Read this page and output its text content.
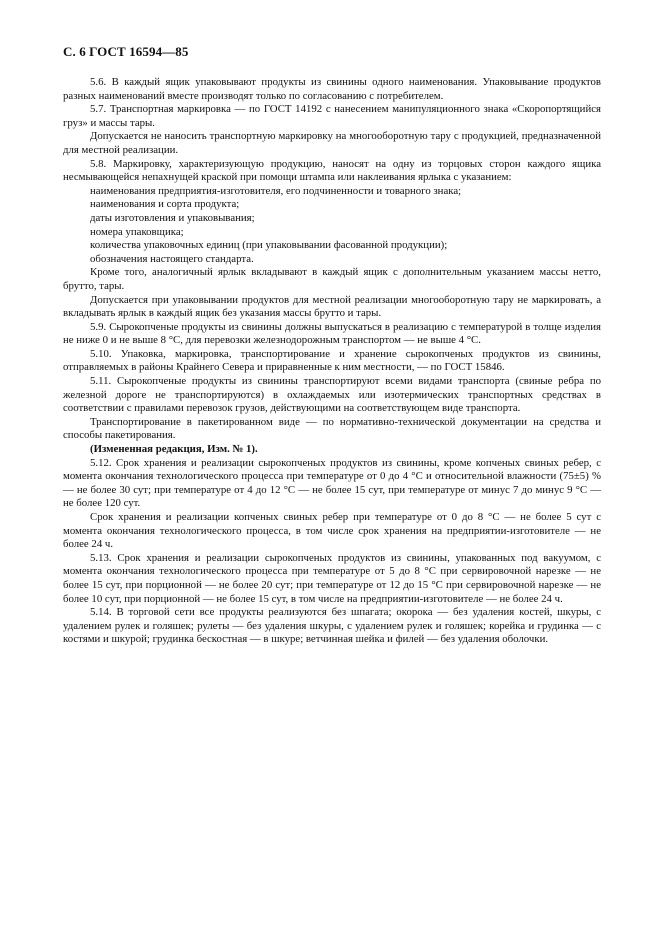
С. 6 ГОСТ 16594—85

5.6. В каждый ящик упаковывают продукты из свинины одного наименования. Упаковывание продуктов разных наименований вместе производят только по согласованию с потребителем.

5.7. Транспортная маркировка — по ГОСТ 14192 с нанесением манипуляционного знака «Скоропортящийся груз» и массы тары.

Допускается не наносить транспортную маркировку на многооборотную тару с продукцией, предназначенной для местной реализации.

5.8. Маркировку, характеризующую продукцию, наносят на одну из торцовых сторон каждого ящика несмывающейся непахнущей краской при помощи штампа или наклеивания ярлыка с указанием:

наименования предприятия-изготовителя, его подчиненности и товарного знака;

наименования и сорта продукта;

даты изготовления и упаковывания;

номера упаковщика;

количества упаковочных единиц (при упаковывании фасованной продукции);

обозначения настоящего стандарта.

Кроме того, аналогичный ярлык вкладывают в каждый ящик с дополнительным указанием массы нетто, брутто, тары.

Допускается при упаковывании продуктов для местной реализации многооборотную тару не маркировать, а вкладывать ярлык в каждый ящик без указания массы брутто и тары.

5.9. Сырокопченые продукты из свинины должны выпускаться в реализацию с температурой в толще изделия не ниже 0 и не выше 8 °С, для перевозки железнодорожным транспортом — не выше 4 °С.

5.10. Упаковка, маркировка, транспортирование и хранение сырокопченых продуктов из свинины, отправляемых в районы Крайнего Севера и приравненные к ним местности, — по ГОСТ 15846.

5.11. Сырокопченые продукты из свинины транспортируют всеми видами транспорта (свиные ребра по железной дороге не транспортируются) в охлаждаемых или изотермических транспортных средствах в соответствии с правилами перевозок грузов, действующими на соответствующем виде транспорта.

Транспортирование в пакетированном виде — по нормативно-технической документации на средства и способы пакетирования.

(Измененная редакция, Изм. № 1).

5.12. Срок хранения и реализации сырокопченых продуктов из свинины, кроме копченых свиных ребер, с момента окончания технологического процесса при температуре от 0 до 4 °С и относительной влажности (75±5) % — не более 30 сут; при температуре от 4 до 12 °С — не более 15 сут, при температуре от минус 7 до минус 9 °С — не более 120 сут.

Срок хранения и реализации копченых свиных ребер при температуре от 0 до 8 °С — не более 5 сут с момента окончания технологического процесса, в том числе срок хранения на предприятии-изготовителе — не более 24 ч.

5.13. Срок хранения и реализации сырокопченых продуктов из свинины, упакованных под вакуумом, с момента окончания технологического процесса при температуре от 5 до 8 °С при сервировочной нарезке — не более 15 сут, при порционной — не более 20 сут; при температуре от 12 до 15 °С при сервировочной нарезке — не более 10 сут, при порционной — не более 15 сут, в том числе на предприятии-изготовителе — не более 24 ч.

5.14. В торговой сети все продукты реализуются без шпагата; окорока — без удаления костей, шкуры, с удалением рулек и голяшек; рулеты — без удаления шкуры, с удалением рулек и голяшек; корейка и грудинка — с костями и шкурой; грудинка бескостная — в шкуре; ветчинная шейка и филей — без удаления оболочки.
